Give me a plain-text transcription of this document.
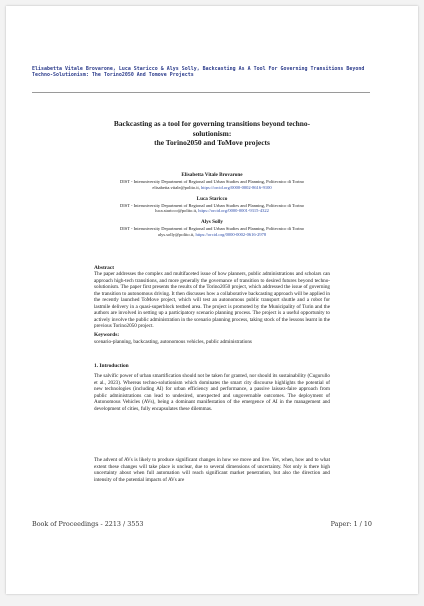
Elisabetta Vitale Brovarone, Luca Staricco & Alys Solly, Backcasting As A Tool For Governing Transitions Beyond Techno-Solutionism: The Torino2050 And Tomove Projects
Backcasting as a tool for governing transitions beyond techno-
solutionism:
the Torino2050 and ToMove projects
Elisabetta Vitale Brovarone
DIST - Interuniversity Department of Regional and Urban Studies and Planning, Politecnico di Torino
elisabetta.vitale@polito.it, https://orcid.org/0000-0002-8616-9100
Luca Staricco
DIST - Interuniversity Department of Regional and Urban Studies and Planning, Politecnico di Torino
luca.staricco@polito.it, https://orcid.org/0000-0001-9315-4322
Alys Solly
DIST - Interuniversity Department of Regional and Urban Studies and Planning, Politecnico di Torino
alys.solly@polito.it, https://orcid.org/0000-0002-0616-2978
Abstract
The paper addresses the complex and multifaceted issue of how planners, public administrations and scholars can approach high-tech transitions, and more generally the governance of transition to desired futures beyond techno-solutionism. The paper first presents the results of the Torino2050 project, which addressed the issue of governing the transition to autonomous driving. It then discusses how a collaborative backcasting approach will be applied in the recently launched ToMove project, which will test an autonomous public transport shuttle and a robot for lastmile delivery in a quasi-superblock testbed area. The project is promoted by the Municipality of Turin and the authors are involved in setting up a participatory scenario planning process. The project is a useful opportunity to actively involve the public administration in the scenario planning process, taking stock of the lessons learnt in the previous Torino2050 project.
Keywords:
scenario-planning, backcasting, autonomous vehicles, public administrations
1. Introduction
The salvific power of urban smartification should not be taken for granted, nor should its sustainability (Cugurullo et al., 2023). Whereas techno-solutionism which dominates the smart city discourse highlights the potential of new technologies (including AI) for urban efficiency and performance, a passive laissez-faire approach from public administrations can lead to undesired, unexpected and ungovernable outcomes. The deployment of Autonomous Vehicles (AVs), being a dominant manifestation of the emergence of AI in the management and development of cities, fully encapsulates these dilemmas.
The advent of AVs is likely to produce significant changes in how we move and live. Yet, when, how and to what extent these changes will take place is unclear, due to several dimensions of uncertainty. Not only is there high uncertainty about when full automation will reach significant market penetration, but also the direction and intensity of the potential impacts of AVs are
Book of Proceedings - 2213 / 3553	Paper: 1 / 10
